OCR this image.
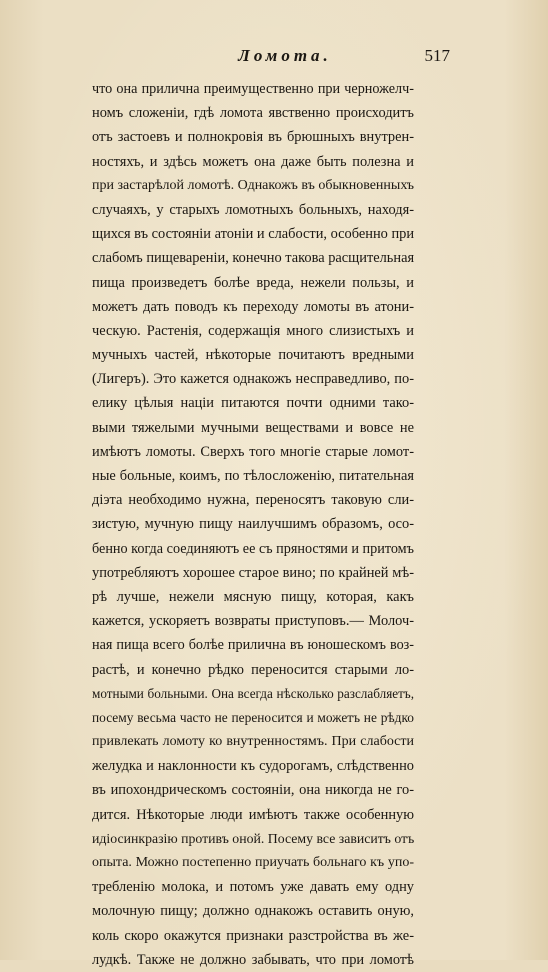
Ломота.	517
что она прилична преимущественно при черножелч-
номъ сложеніи, гдѣ ломота явственно происходитъ
отъ застоевъ и полнокровія въ брюшныхъ внутрен-
ностяхъ, и здѣсь можетъ она даже быть полезна и
при застарѣлой ломотѣ. Однакожъ въ обыкновенныхъ
случаяхъ, у старыхъ ломотныхъ больныхъ, находя-
щихся въ состояніи атоніи и слабости, особенно при
слабомъ пищевареніи, конечно такова расщительная
пища произведетъ болѣе вреда, нежели пользы, и
можетъ дать поводъ къ переходу ломоты въ атони-
ческую. Растенія, содержащія много слизистыхъ и
мучныхъ частей, нѣкоторые почитаютъ вредными
(Лигеръ). Это кажется однакожъ несправедливо, по-
елику цѣлыя націи питаются почти одними тако-
выми тяжелыми мучными веществами и вовсе не
имѣютъ ломоты. Сверхъ того многіе старые ломот-
ные больные, коимъ, по тѣлосложенію, питательная
діэта необходимо нужна, переносятъ таковую сли-
зистую, мучную пищу наилучшимъ образомъ, осо-
бенно когда соединяютъ ее съ пряностями и притомъ
употребляютъ хорошее старое вино; по крайней мѣ-
рѣ лучше, нежели мясную пищу, которая, какъ
кажется, ускоряетъ возвраты приступовъ.— Молоч-
ная пища всего болѣе прилична въ юношескомъ воз-
растѣ, и конечно рѣдко переносится старыми ло-
мотными больными. Она всегда нѣсколько разслабляетъ,
посему весьма часто не переносится и можетъ не рѣдко
привлекать ломоту ко внутренностямъ. При слабости
желудка и наклонности къ судорогамъ, слѣдственно
въ ипохондрическомъ состояніи, она никогда не го-
дится. Нѣкоторые люди имѣютъ также особенную
идіосинкразію противъ оной. Посему все зависитъ отъ
опыта. Можно постепенно приучать больнаго къ упо-
требленію молока, и потомъ уже давать ему одну
молочную пищу; должно однакожъ оставить оную,
коль скоро окажутся признаки разстройства въ же-
лудкѣ. Также не должно забывать, что при ломотѣ
